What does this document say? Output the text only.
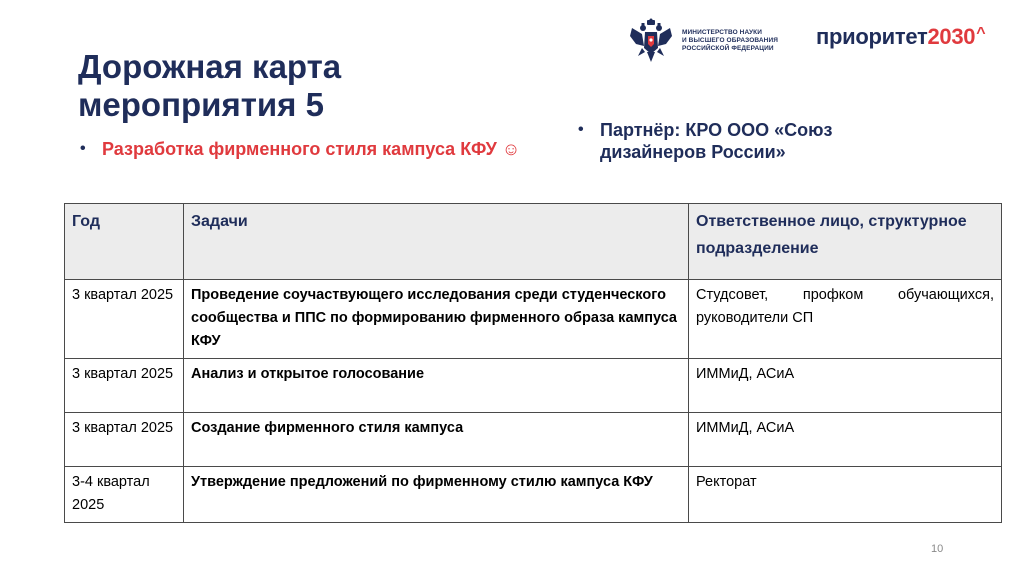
МИНИСТЕРСТВО НАУКИ
И ВЫСШЕГО ОБРАЗОВАНИЯ
РОССИЙСКОЙ ФЕДЕРАЦИИ	приоритет2030^
Дорожная карта
мероприятия 5
• Разработка фирменного стиля кампуса КФУ ☺
• Партнёр: КРО ООО «Союз дизайнеров России»
Год	Задачи	Ответственное лицо, структурное подразделение
3 квартал 2025	Проведение соучаствующего исследования среди студенческого сообщества и ППС по формированию фирменного образа кампуса КФУ	Студсовет, профком обучающихся, руководители СП
3 квартал 2025	Анализ и открытое голосование	ИММиД, АСиА
3 квартал 2025	Создание фирменного стиля кампуса	ИММиД, АСиА
3-4 квартал 2025	Утверждение предложений по фирменному стилю кампуса КФУ	Ректорат
10
